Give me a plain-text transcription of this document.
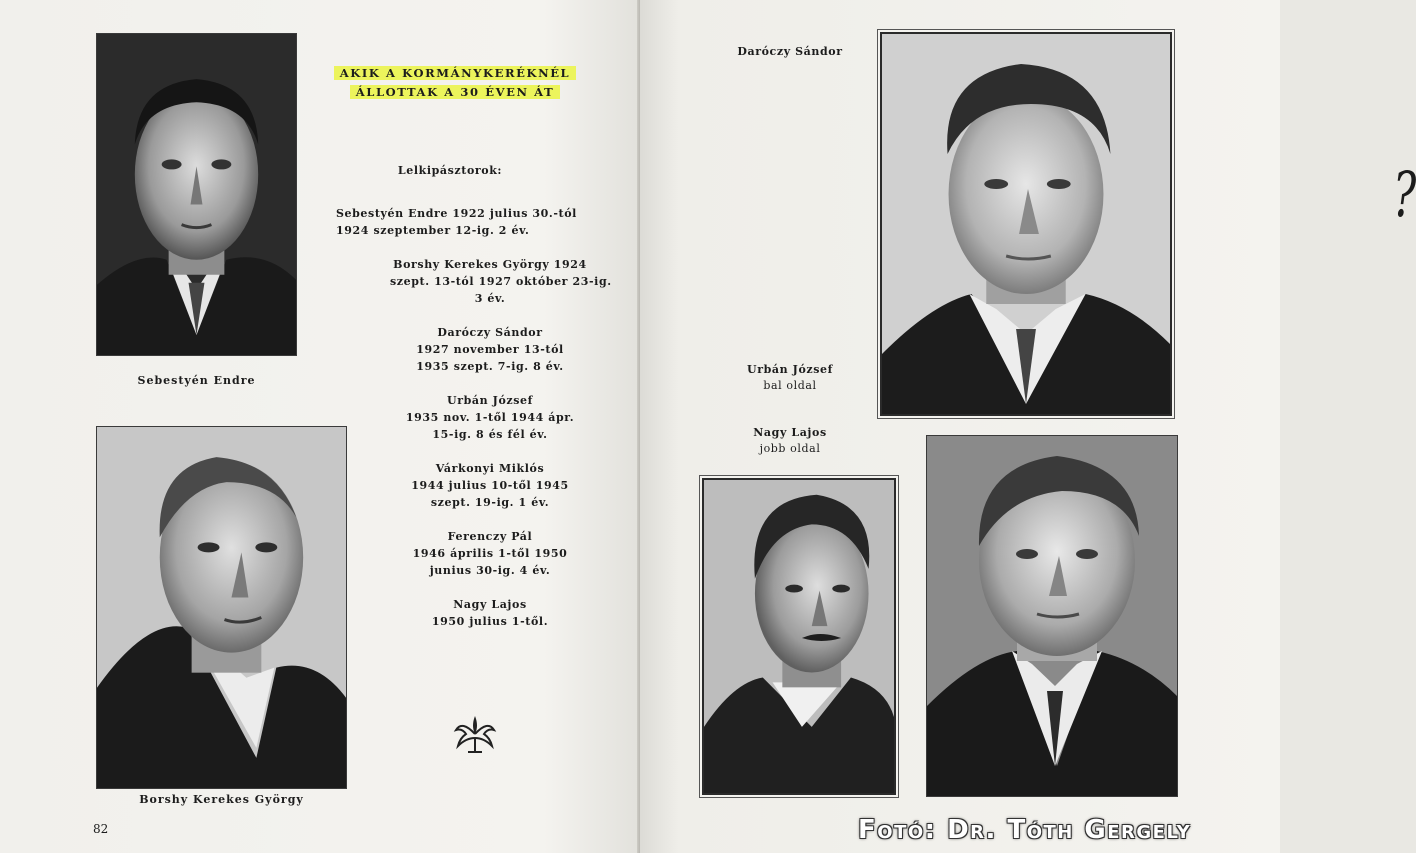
Sebestyén Endre
Borshy Kerekes György
AKIK A KORMÁNYKERÉKNÉL
ÁLLOTTAK A 30 ÉVEN ÁT

Lelkipásztorok:

Sebestyén Endre 1922 julius 30.-tól

1924 szeptember 12-ig. 2 év.

Borshy Kerekes György 1924

szept. 13-tól 1927 október 23-ig.

3 év.

Daróczy Sándor

1927 november 13-tól

1935 szept. 7-ig. 8 év.

Urbán József

1935 nov. 1-től 1944 ápr.

15-ig. 8 és fél év.

Várkonyi Miklós

1944 julius 10-től 1945

szept. 19-ig. 1 év.

Ferenczy Pál

1946 április 1-től 1950

junius 30-ig. 4 év.

Nagy Lajos

1950 julius 1-től.

82

Daróczy Sándor

?

Urbán József

bal oldal

Nagy Lajos

jobb oldal

Fotó: Dr. Tóth Gergely
